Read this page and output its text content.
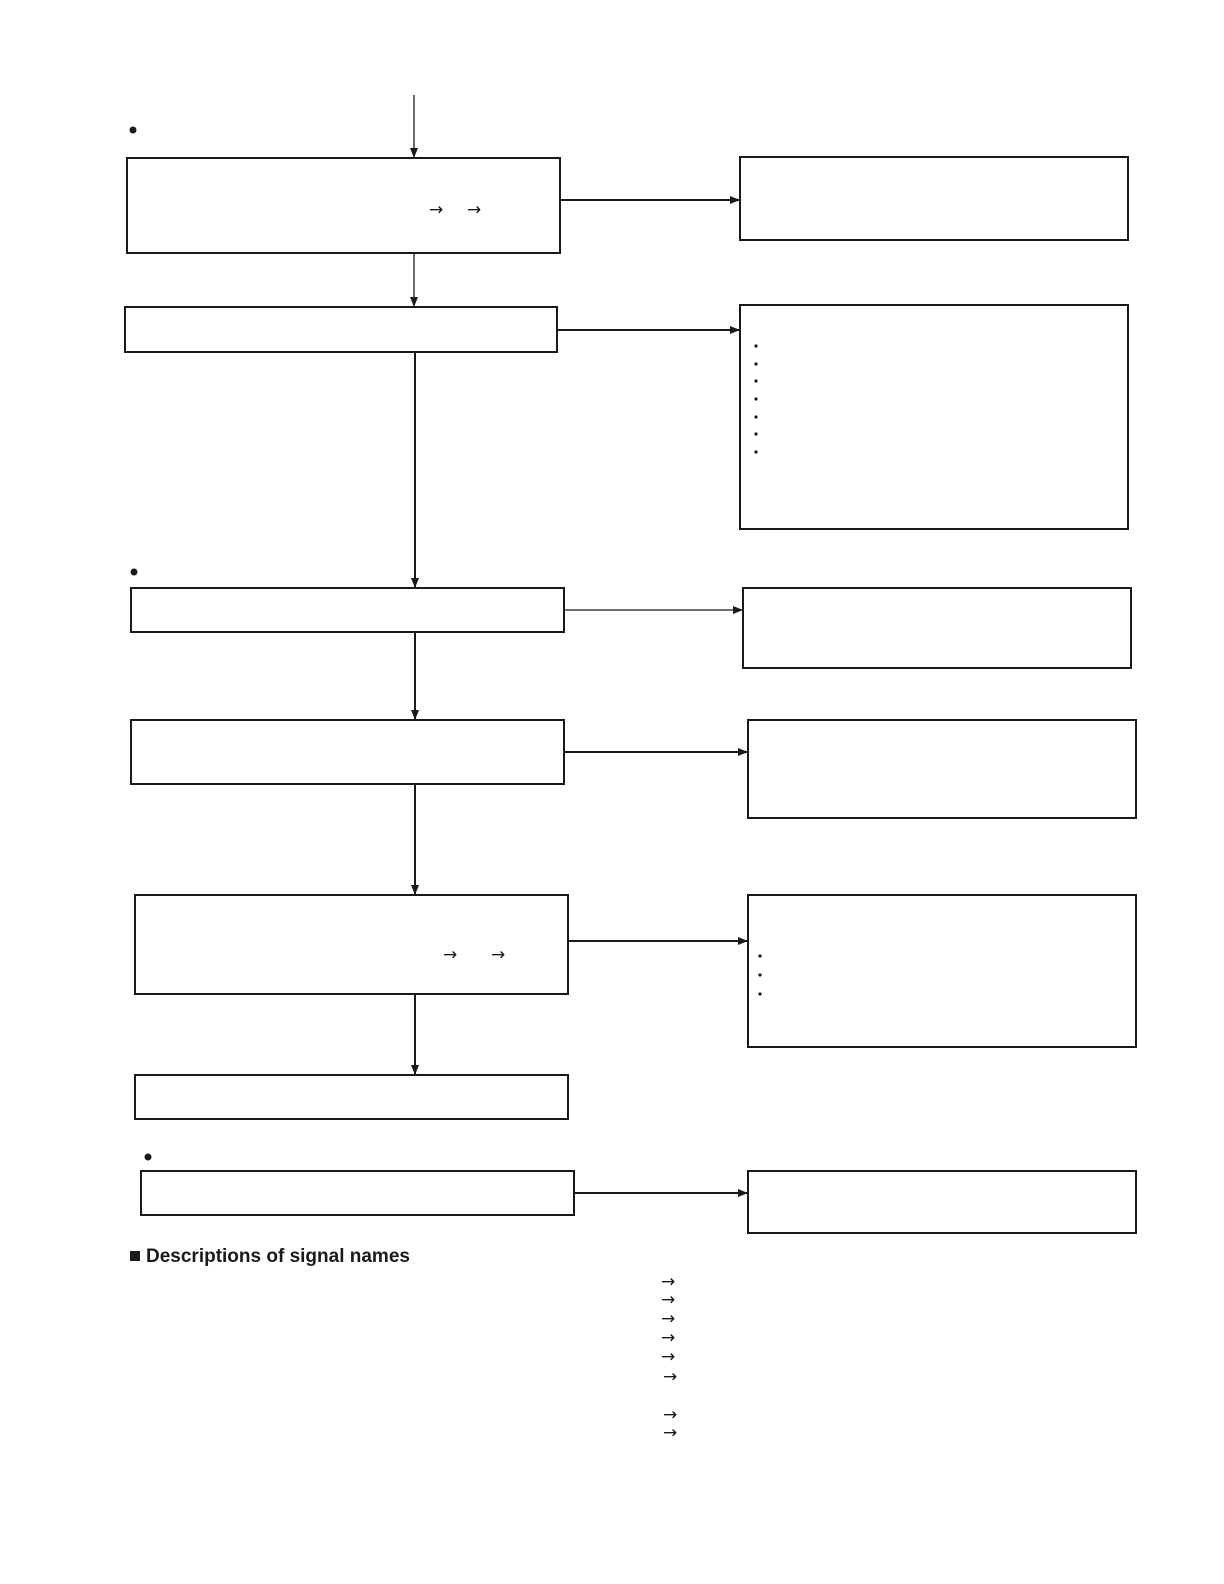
→ →
→ →
→
→
→
→
→
→
→
→
Descriptions of signal names
